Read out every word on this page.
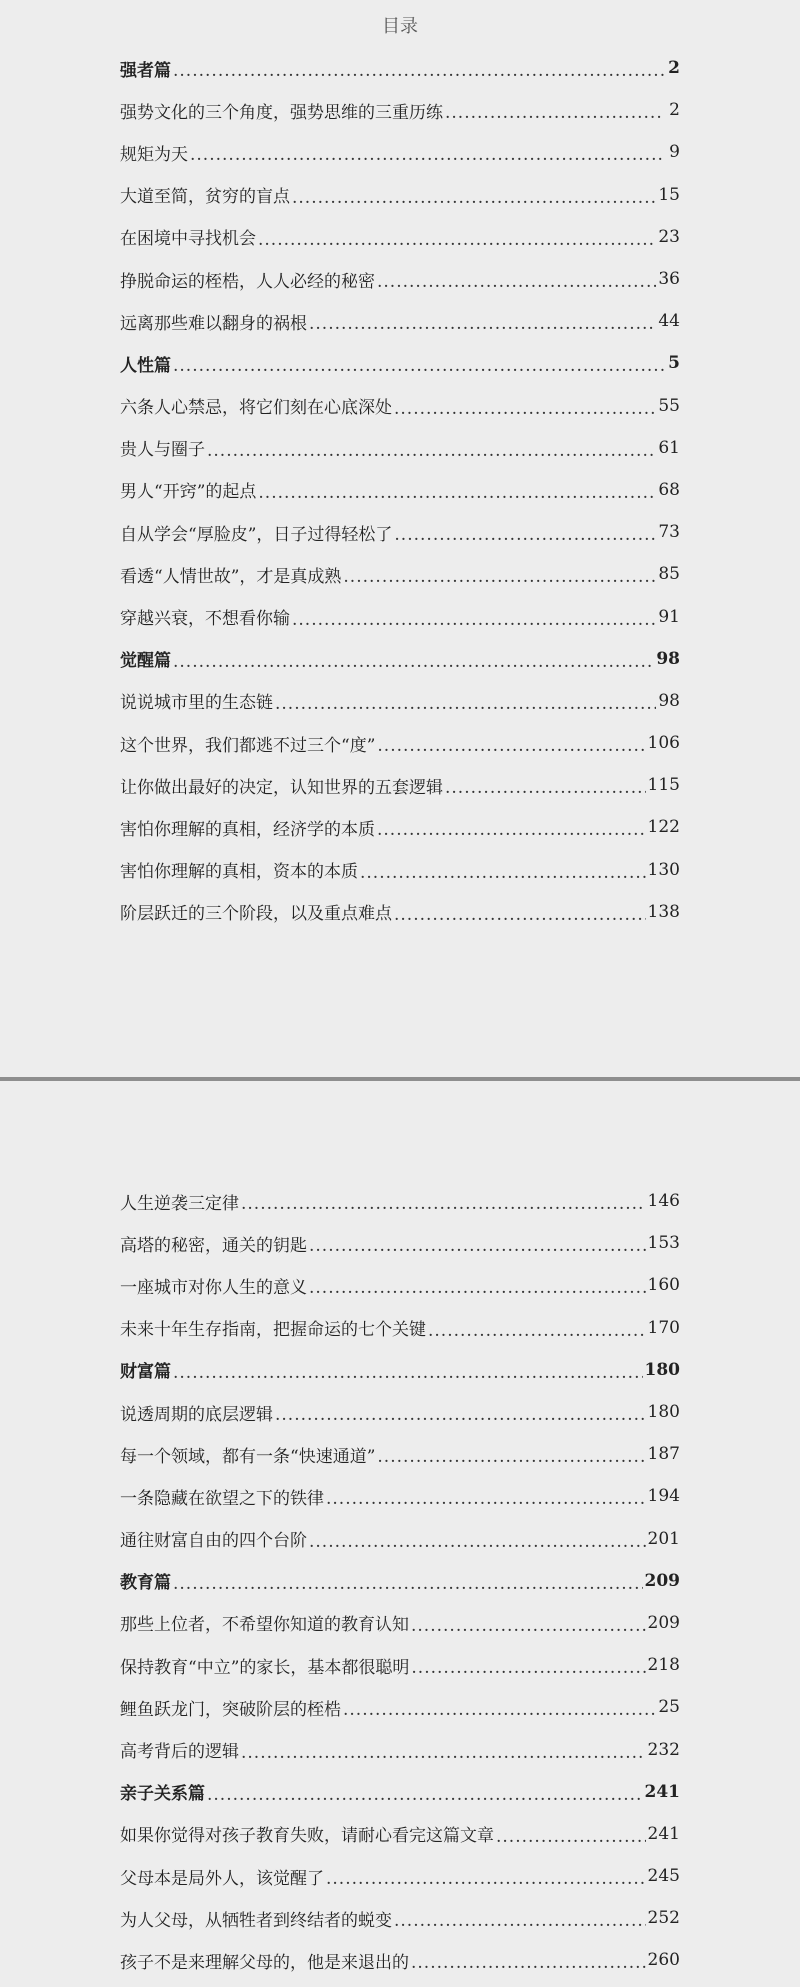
目录
强者篇 .....	2
强势文化的三个角度，强势思维的三重历练 .....	2
规矩为天 .....	9
大道至简，贫穷的盲点 .....	15
在困境中寻找机会 .....	23
挣脱命运的桎梏，人人必经的秘密 .....	36
远离那些难以翻身的祸根 .....	44
人性篇 .....	5
六条人心禁忌，将它们刻在心底深处 .....	55
贵人与圈子 .....	61
男人“开窍”的起点 .....	68
自从学会“厚脸皮”，日子过得轻松了 .....	73
看透“人情世故”，才是真成熟 .....	85
穿越兴衰，不想看你输 .....	91
觉醒篇 .....	98
说说城市里的生态链 .....	98
这个世界，我们都逃不过三个“度” .....	106
让你做出最好的决定，认知世界的五套逻辑 .....	115
害怕你理解的真相，经济学的本质 .....	122
害怕你理解的真相，资本的本质 .....	130
阶层跃迁的三个阶段，以及重点难点 .....	138
人生逆袭三定律 .....	146
高塔的秘密，通关的钥匙 .....	153
一座城市对你人生的意义 .....	160
未来十年生存指南，把握命运的七个关键 .....	170
财富篇 .....	180
说透周期的底层逻辑 .....	180
每一个领域，都有一条“快速通道” .....	187
一条隐藏在欲望之下的铁律 .....	194
通往财富自由的四个台阶 .....	201
教育篇 .....	209
那些上位者，不希望你知道的教育认知 .....	209
保持教育“中立”的家长，基本都很聪明 .....	218
鲤鱼跃龙门，突破阶层的桎梏 .....	25
高考背后的逻辑 .....	232
亲子关系篇 .....	241
如果你觉得对孩子教育失败，请耐心看完这篇文章 .....	241
父母本是局外人，该觉醒了 .....	245
为人父母，从牺牲者到终结者的蜕变 .....	252
孩子不是来理解父母的，他是来退出的 .....	260
